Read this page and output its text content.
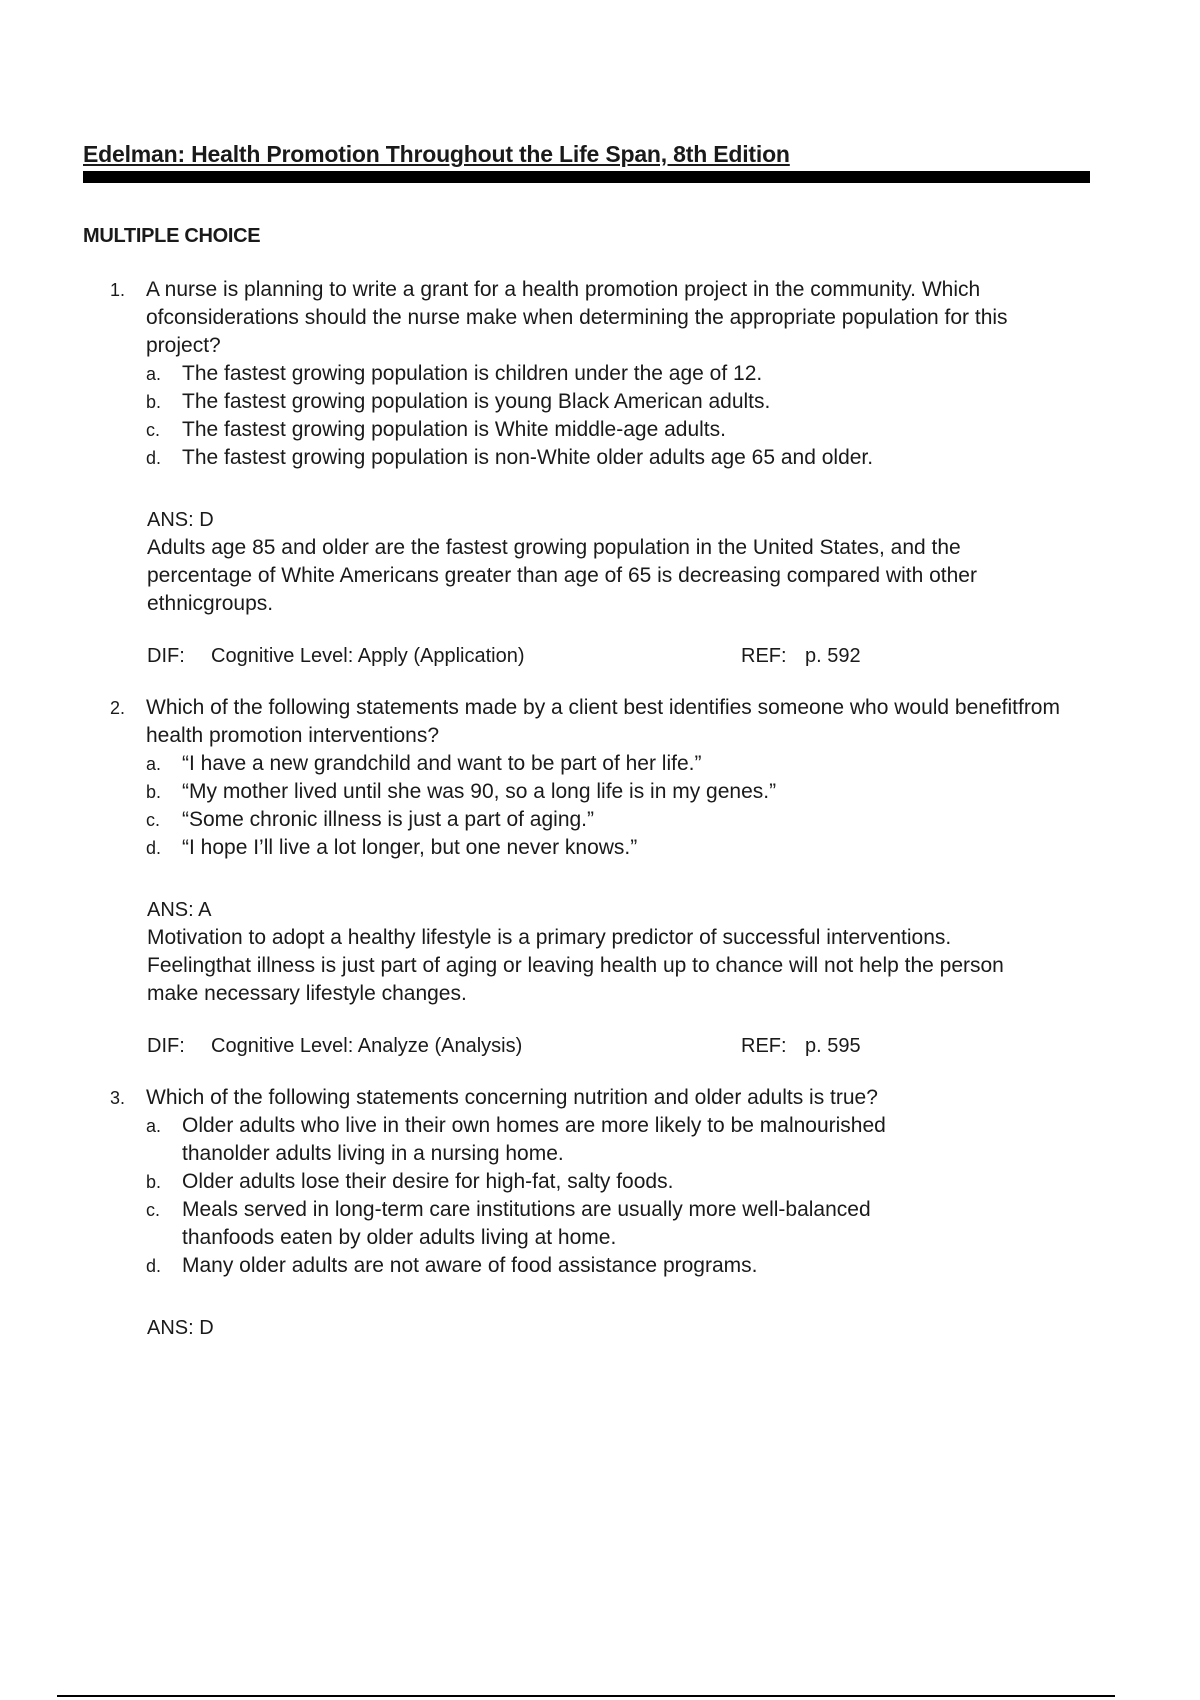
Edelman: Health Promotion Throughout the Life Span, 8th Edition
MULTIPLE CHOICE
1. A nurse is planning to write a grant for a health promotion project in the community. Which ofconsiderations should the nurse make when determining the appropriate population for this project?
a. The fastest growing population is children under the age of 12.
b. The fastest growing population is young Black American adults.
c.	The fastest growing population is White middle-age adults.
d. The fastest growing population is non-White older adults age 65 and older.
ANS: D
Adults age 85 and older are the fastest growing population in the United States, and the percentage of White Americans greater than age of 65 is decreasing compared with other ethnicgroups.
DIF:	Cognitive Level: Apply (Application)	REF: p. 592
2. Which of the following statements made by a client best identifies someone who would benefitfrom health promotion interventions?
a. “I have a new grandchild and want to be part of her life.”
b. “My mother lived until she was 90, so a long life is in my genes.”
c.	“Some chronic illness is just a part of aging.”
d. “I hope I’ll live a lot longer, but one never knows.”
ANS: A
Motivation to adopt a healthy lifestyle is a primary predictor of successful interventions. Feelingthat illness is just part of aging or leaving health up to chance will not help the person make necessary lifestyle changes.
DIF:	Cognitive Level: Analyze (Analysis)	REF: p. 595
3. Which of the following statements concerning nutrition and older adults is true?
a. Older adults who live in their own homes are more likely to be malnourished thanolder adults living in a nursing home.
b. Older adults lose their desire for high-fat, salty foods.
c.	Meals served in long-term care institutions are usually more well-balanced thanfoods eaten by older adults living at home.
d. Many older adults are not aware of food assistance programs.
ANS: D
